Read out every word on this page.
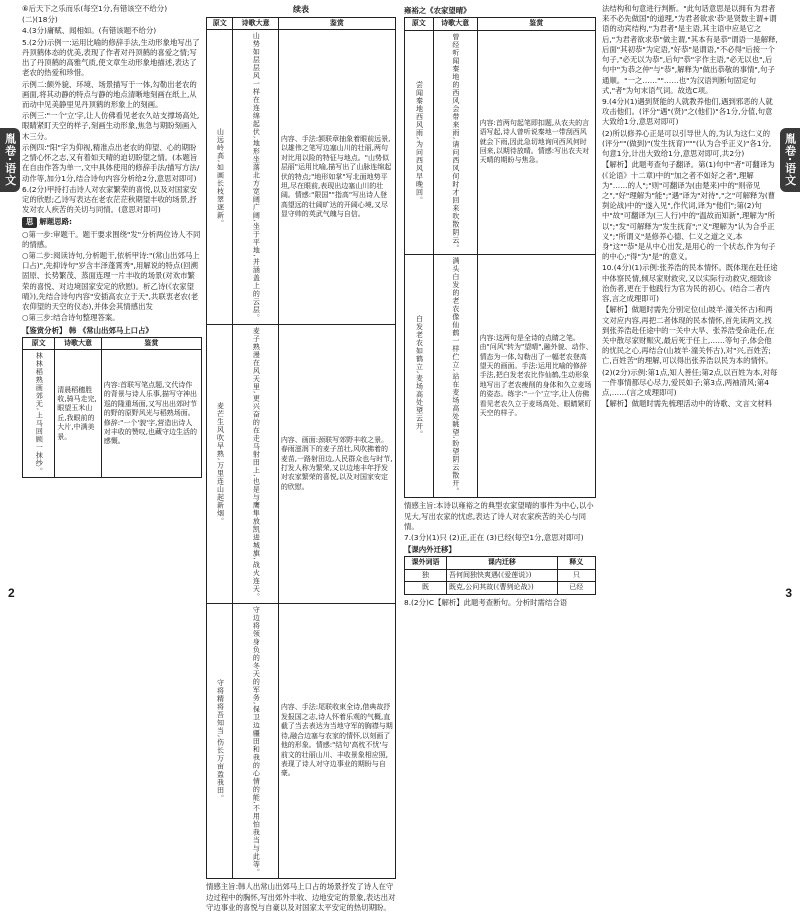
胤卷·语文

⑥后天下之乐而乐(每空1分,有错该空不给分)

(二)(18分)

4.(3分)庸赋、闻相如。(有错该题不给分)

5.(2分)示例一:运用比喻的修辞手法,生动形象地写出了丹顶鹤体态的优美,表现了作者对丹顶鹤的喜爱之情;写出了丹顶鹤的高雅气质,使文章生动形象地描述,表达了老农的热爱和珍惜。

示例二:颇外貌、环境、场景描写于一体,勾勒出老农的画面,将其动静的特点与静的地点清晰地刻画在纸上,从而动中见美静里见丹顶鹤的形象上的刻画。

示例三:"一个'立'字,让人仿佛看见老农久站支撑场高处,眼睛紧盯天空的样子,刻画生动形象,焦急与期盼刻画入木三分。

示例四:"阳"字为仰视,精准点出老农的仰望、心的期盼之情心怀之志,又有着如天晴的迫切盼望之情。(本题旨在自由作答为单一,文中具体使用的修辞手法/描写方法/动作等,加分1分,结合诗句内容分析给2分,意思对即可)

6.(2分)甲持打击诗人对农家繁荣的喜悦,以及对国家安定的欣慰;乙诗写表达在老农茫茫秋期望丰收的场景,抒发对农人疾苦的关切与同情。(意思对即可)

思 解题思路:

○第一步:审题干。题干要求围绕"发"分析两位诗人不同的情感。

○第二步:阅读诗句,分析题干,依析甲诗:"(常山出郊马上口占)",先抑诗句"岁含丰泽蓬霄秀",用解说的特点(回溯固原、长势繁茂、蒸面连理一片丰收的场景(对欢市繁荣的喜悦、对边境国家安定的欣慰)。析乙诗(《农家望晴》),先结合诗句内容"安插高农立于天",共联衷老农(老农仰望的天空的仪态),并体会其情感出发

○第三步:结合诗句整理答案。

【鉴赏分析】 韩 《常山出郊马上口占》

原文	诗歌大意	鉴赏
林林稻熟画郊无,上马回顾一抹纱。	清晨稻穗胜收,骑马走完,眼望玉米山丘,我眼前的大片,中满美景。	内容:首联写笔点题,文代诗作的背景与诗人乐事,描写守神出巡的隆重场面,又写出出郊时节的野的原野风光与稻熟场面。修辞:"一个'貌'字,营造出诗人对丰收的赞叹,也藏守边生活的感慨。
续表
原文	诗歌大意	鉴赏
山远岭高,如画长枝翠逐新。	山势如层层风一样在连绵起伏,地形坐落北方宽阔广阔,坐于平地,并涵盖上的云层。	内容、手法:颔联章抽象着眼前远景,以雄伟之笔写边塞山川的壮丽,两句对比用以险的特征与地点。"山势似层丽"运用比喻,描写出了山脉连绵起伏的特点;"地形如掌"写北面地势平坦,尽在眼前,表现出边塞山川的壮阔。情感:"限国""指高"写出诗人登高望远的壮阔旷达的开阔心境,又尽显守帅的英武气魄与自信。
麦芒生风吹早熟,万里连山起新烟。	麦子熟漫在风天里,更兴奋的在走马射田上,也是与鹰隼放凯进城旗,战火连天。	内容、画面:颈联写郊野丰收之景。春雨滋润下的麦子茁壮,风吹拂着的麦苗,一路射田边,人民群众也与时节,打发人称为繁荣,又以边地丰年抒发对农家繁荣的喜悦,以及对国家安定的欣慰。
守将精将吾知当,伤长万亩盈我田。	守边将领身负的冬天的军务,保卫边疆田和我的心情的能,不用怕我当与此等。	内容、手法:尾联收束全诗,借典故抒发报国之志,诗人怀着乐观的气概,直截了当去表达为当地守军的胸襟与期待,融合边塞与农家的情怀,以刻画了他的形象。情感:"结句'高枕不忧'与前文的壮丽山川、丰收景象相应照,表现了诗人对守边事业的期盼与自豪。

情感主旨:韩人出常山出郊马上口占的场景抒发了诗人在守边过程中的胸怀,写出郊外丰收、边地安定的景象,表达出对守边事业的喜悦与自豪以及对国家太平安定的热切期盼。

2
胤卷·语文

雍裕之《农家望晴》

原文	诗歌大意	鉴赏
尝闻秦地西风雨,为问西风早晚回。	曾经听闻秦地的西风会带来雨,请问西风何时才回来吹散阴云。	内容:首两句起笔即扣题,从农夫的言语写起,诗人曾听说秦地一带刮西风就会下雨,因此急切地询问西风何时回来,以期待放晴。情感:写出农夫对天晴的期盼与焦急。
白发老农如鹤立,麦场高处望云开。	满头白发的老农像仙鹤一样伫立,站在麦场高处眺望,盼望阴云散开。	内容:这两句是全诗的点睛之笔。由"问风"转为"望晴",融外貌、动作、情态为一体,勾勒出了一幅老农登高望天的画面。手法:运用比喻的修辞手法,把白发老农比作仙鹤,生动形象地写出了老农瘦削的身体和久立麦场的姿态。练字:"一个'立'字,让人仿佛看见老农久立于麦场高处、眼睛紧盯天空的样子。

情感主旨:本诗以雍裕之的典型农家望晴的事件为中心,以小见大,写出农家的忧虑,表达了诗人对农家疾苦的关心与同情。

7.(3分)(1)只 (2)正,正在 (3)已经(每空1分,意思对即可)

【课内外迁移】

课外词语	课内迁移	释义
独	吾何间独快爽遇(《爱莲说》)	只
既	既克,公问其故(《曹刿论战》)	已经

8.(2分)C【解析】此题考查断句。分析时需结合语

法结构和句意进行判断。"此句话意思是以拥有为君者来不必先做国"的道理,"为君者欲求'恭'是贤数主谓+谓语的动宾结构,"为君者"是主语,其主语中应是它之后,"为君者欲求恭"做主谓,"其本有是恭"谓语一是解释,后面"其初恭"为定语,"好恭"是谓语,"不必得"后接一个句子,"必无以为恭",后句"恭"字作主语,"必无以也",后句中"为恭之仲"与"恭",解释为"做出恭敬的事情",句子通顺。"一之……""……也"为汉语判断句固定句式,"者"为句末语气词。故选C项。

9.(4分)(1)遇到贤能的人就教养他们,遇到邪恶的人就攻击他们。(评分"遇"(贤)"之(他们)"各1分,分值,句意大致给1分,意思对即可)

(2)所以修养心正是可以引导世人的,为认为这仁义的(评分""(做到)"(发生抚育)"""(认为合乎正义)"各1分,句意1分,计出大致给1分,意思对即可,共2分)

【解析】此题考查句子翻译。第(1)句中"者"可翻译为(《论语》十二章)中的"加之者不如好之者",理解为"……的人";"则"可翻译为(由楚来)中的"则帝见之","好"理解为"能";"遇"译为"对待","之"可解释为(曹刿论战)中的"遂入见",作代词,译为"他们";第(2)句中"故"可翻译为(三人行)中的"温故而知新",理解为"所以";"发"可解释为"发生抚育";"义"理解为"认为合乎正义";"所谓义"是修养心德、仁义之道之义,本身"这""恭"是从中心出发,是用心的一个状态,作为句子的中心;"得"为"是"的意义。

10.(4分)(1)示例:张养浩的民本情怀。既体现在赴任途中体察民情,倾尽家财救灾,又以实际行动救灾,细致诊治伤者,更在于他践行为官为民的初心。(结合二者内容,言之成理即可)

【解析】做题时需先分别定位(山坡羊·潼关怀古)和两文对应内容,再把二者体现的民本情怀,首先读两文,找到张养浩赴任途中的一关中大旱、张养浩受命赴任,在关中散尽家财赈灾,最后死于任上,……等句子,体会他的忧民之心,再结合(山坡羊·潼关怀古),对"兴,百姓苦;亡,百姓苦"的理解,可以得出张养浩以民为本的情怀。

(2)(2分)示例:第1点,知人善任;第2点,以百姓为本,对每一件事情都尽心尽力,爱民如子;第3点,两袖清风;第4点,……(言之成理即可)

【解析】做题时需先梳理活动中的诗歌、文言文材料

3
